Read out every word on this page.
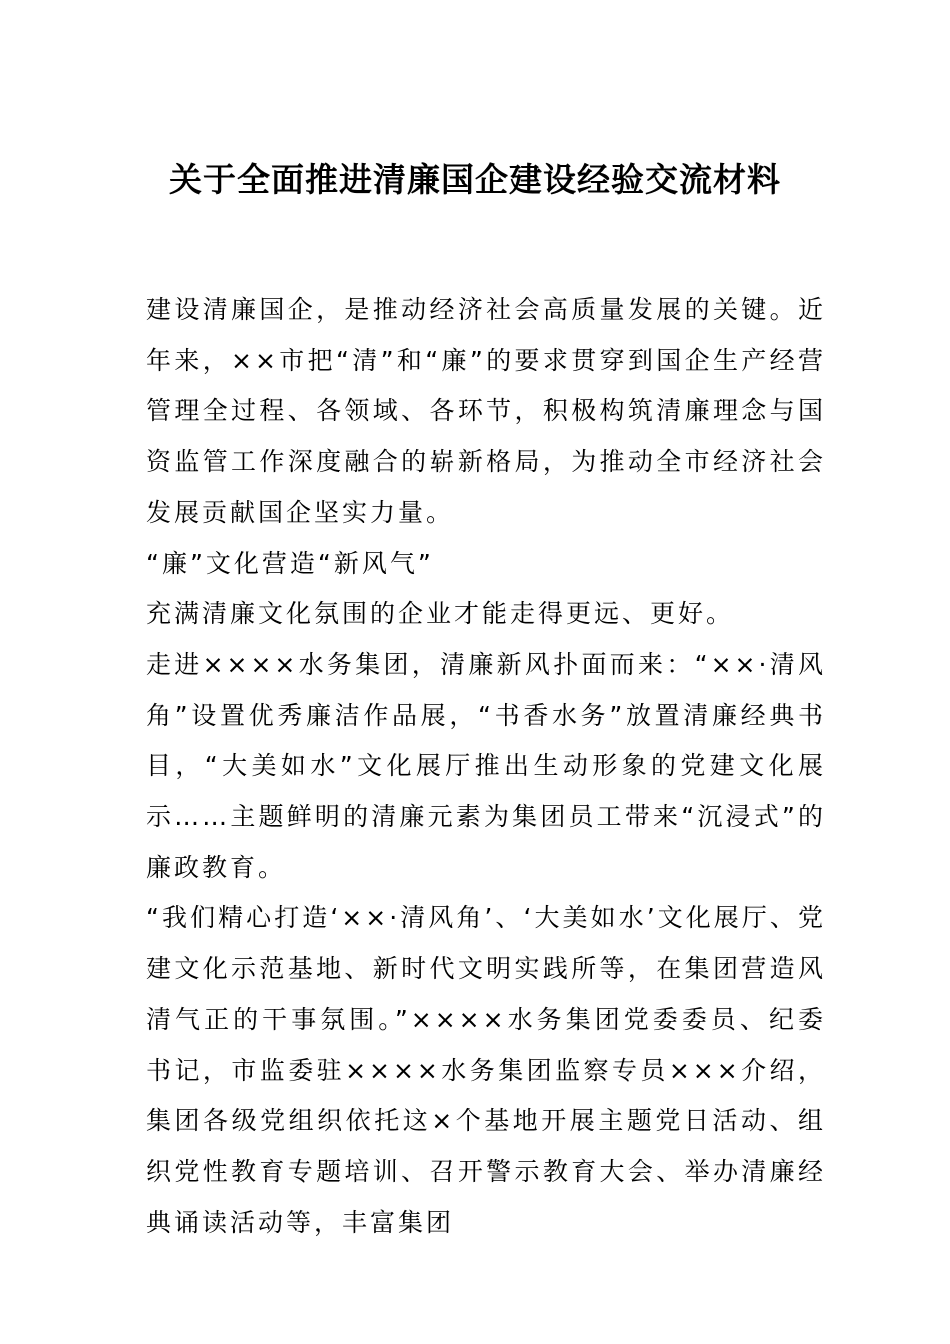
关于全面推进清廉国企建设经验交流材料

建设清廉国企，是推动经济社会高质量发展的关键。近年来，××市把“清”和“廉”的要求贯穿到国企生产经营管理全过程、各领域、各环节，积极构筑清廉理念与国资监管工作深度融合的崭新格局，为推动全市经济社会发展贡献国企坚实力量。

“廉”文化营造“新风气”

充满清廉文化氛围的企业才能走得更远、更好。

走进××××水务集团，清廉新风扑面而来：“××·清风角”设置优秀廉洁作品展，“书香水务”放置清廉经典书目，“大美如水”文化展厅推出生动形象的党建文化展示……主题鲜明的清廉元素为集团员工带来“沉浸式”的廉政教育。

“我们精心打造‘××·清风角’、‘大美如水’文化展厅、党建文化示范基地、新时代文明实践所等，在集团营造风清气正的干事氛围。”××××水务集团党委委员、纪委书记，市监委驻××××水务集团监察专员×××介绍，集团各级党组织依托这×个基地开展主题党日活动、组织党性教育专题培训、召开警示教育大会、举办清廉经典诵读活动等，丰富集团
